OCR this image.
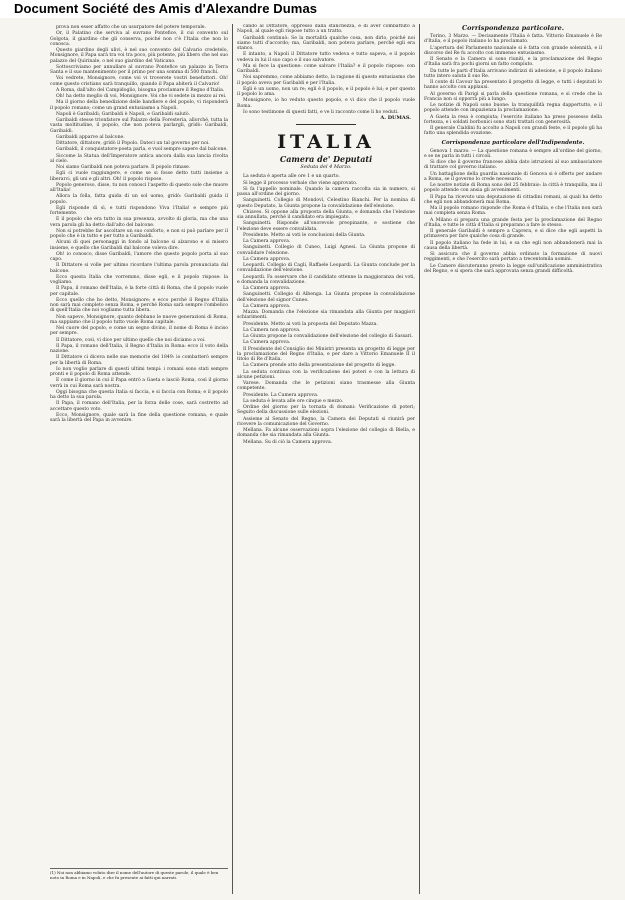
Document Société des Amis d'Alexandre Dumas

prova non esser affatto che un usurpatore del potere temporale.

Or, il Palatino che serviva al suvrano Pontefice, il cui convento sul Golgota, il giardino che gli conserva, poiché non c'è l'Italia che non lo conosca.

Questo giardino degli ulivi, è nel suo convento del Calvario credetelo, Monsignore, il Papa sarà tra voi tra poco, più potente, più libero che nel suo palazzo del Quirinale, o nel suo giardino del Vaticano.

Sottoscriviamo per annullare al suvrano Pontefice un palazzo in Terra Santa e il suo mantenimento per il primo per una somma di 500 franchi.

Voi vedrete, Monsignore, come voi vi troverete vostri benefattori. Oh! come questo cristiano sarà tranquillo, quando il Papa abiterà il Calvario!

A Roma, dall'alto del Campidoglio, bisogna proclamare il Regno d'Italia.

Oh! ha detto meglio di voi, Monsignore. Voi che vi sedete in mezzo ai rei.

Ma il giorno della benedizione delle bandiere e del popolo, vi risponderà il popolo romano; come un grand entusiasmo a Napoli.

Napoli è Garibaldi; Garibaldi è Napoli, e Garibaldi salutò.

Garibaldi stesse trionfatore sul Palazzo della Foresteria, allorché, tutta la vasta moltitudine, il popolo, che non poteva parlargli, gridò: Garibaldi, Garibaldi.

Garibaldi apparve al balcone.

Dittatore, dittatore, gridò il Popolo. Dateci un tal governo per noi.

Garibaldi, il conquistatore-poeta parla, e vuol sempre sapere dal balcone.

Siccome la Statua dell'Imperatore antica ancora dalla sua lancia rivolta al cielo.

Noi siamo Garibaldi non poteva parlare. Il popolo rimase.

Egli ci vuole raggiungere, e come se si fosse detto tutti insieme a liberarci, gli uni e gli altri. Oh! il popolo rispose.

Popolo generoso, disse, tu non conosci l'aspetto di questo sole che muore all'Italia!

Allora la folla, fatta guida di un sol uomo, gridò: Garibaldi guida il popolo.

Egli risponde di sì, e tutti rispondono Viva l'Italia! e sempre più fortemente.

E il popolo che era tutto in sua presenza, avvolto di gloria, ma che una vera parola gli ha detto dall'alto del balcone.

Non si potrebbe far ascoltare un suo conforto, e non si può parlare per il popolo che è in tutto e per tutto a Garibaldi.

Alcuni di quei personaggi in fondo al balcone si alzarono e si misero insieme, e quello che Garibaldi dal balcone voleva dire.

Oh! io conosco, disse Garibaldi, l'amore che questo popolo porta al suo capo.

Il Dittatore si volle per ultimo ricordare l'ultima parola pronunciata dal balcone.

Ecco questa Italia che vorremmo, disse egli, e il popolo rispose: la vogliamo.

Il Papa, il romano dell'Italia, è la forte città di Roma, che il popolo vuole per capitale.

Ecco quello che ho detto, Monsignore; e ecco perché il Regno d'Italia non sarà mai completo senza Roma, e perché Roma sarà sempre l'ombelico di quell'Italia che noi vogliamo tutta libera.

Non sapevo, Monsignore, quanto debbano le nuove generazioni di Roma, ma sappiamo che il popolo tutto vuole Roma capitale.

Nel cuore del popolo, e come un segno divino, il nome di Roma è inciso per sempre.

Il Dittatore, così, vi dice per ultimo quello che noi diciamo a voi.

Il Papa, il romano dell'Italia, il Regno d'Italia in Roma: ecco il voto della nazione.

Il Dittatore ci diceva nelle sue memorie del 1849: io combatterò sempre per la libertà di Roma.

Io non voglio parlare di questi ultimi tempi: i romani sono stati sempre pronti e il popolo di Roma attende.

E come il giorno in cui il Papa entrò a Gaeta e lasciò Roma, così il giorno verrà in cui Roma sarà nostra.

Oggi bisogna che questa Italia si faccia, e si faccia con Roma; e il popolo ha detto la sua parola.

Il Papa, il romano dell'Italia, per la forza delle cose, sarà costretto ad accettare questo voto.

Ecco, Monsignore, quale sarà la fine della questione romana, e quale sarà la libertà del Papa in avvenire.

(1) Noi non abbiamo voluto dire il nome dell'autore di queste parole, il quale è ben noto in Roma e in Napoli, e che fu presente ai fatti qui narrati.

cando al Dittatore, oppresso dalla stanchezza, e di aver combattuto a Napoli, al quale egli rispose tutto a un tratto.

Garibaldi continuò: Se la mortalità qualche cosa, non dirlo, poiché noi siamo tutti d'accordo; ma, Garibaldi, non poteva parlare, perché egli era stanco.

E intanto, a Napoli il Dittatore tutto vedeva e tutto sapeva, e il popolo vedeva in lui il suo capo e il suo salvatore.

Ma si fece la questione: come salvare l'Italia? e il popolo rispose: con Garibaldi.

Noi sapremmo, come abbiamo detto, la ragione di questo entusiasmo che il popolo aveva per Garibaldi e per l'Italia.

Egli è un uomo, non un re; egli è il popolo, e il popolo è lui; e per questo il popolo lo ama.

Monsignore, io ho veduto questo popolo, e vi dico che il popolo vuole Roma.

Io sono testimone di questi fatti, e ve li racconto come li ho veduti.

A. DUMAS.
ITALIA
Camera de' Deputati
Seduta del 4 Marzo.

La seduta è aperta alle ore 1 e un quarto.

Si legge il processo verbale che viene approvato.

Si fa l'appello nominale. Quando la camera raccolta sia in numero, si passa all'ordine del giorno.

Sanguinetti. Collegio di Mondovì, Celestino Bianchi. Per la nomina di questo Deputato, la Giunta propone la convalidazione dell'elezione.

Chiaves. Si oppone alla proposta della Giunta, e domanda che l'elezione sia annullata, perché il candidato era impiegato.

Sanguinetti. Risponde all'onorevole preopinante, e sostiene che l'elezione deve essere convalidata.

Presidente. Metto ai voti le conclusioni della Giunta.

La Camera approva.

Sanguinetti. Collegio di Cuneo, Luigi Agnesi. La Giunta propone di convalidare l'elezione.

La Camera approva.

Leopardi. Collegio di Cagli, Raffaele Leopardi. La Giunta conclude per la convalidazione dell'elezione.

Leopardi. Fa osservare che il candidato ottenne la maggioranza dei voti, e domanda la convalidazione.

La Camera approva.

Sanguinetti. Collegio di Albenga. La Giunta propone la convalidazione dell'elezione del signor Cuneo.

La Camera approva.

Mazza. Domanda che l'elezione sia rimandata alla Giunta per maggiori schiarimenti.

Presidente. Metto ai voti la proposta del Deputato Mazza.

La Camera non approva.

La Giunta propone la convalidazione dell'elezione del collegio di Sassari.

La Camera approva.

Il Presidente del Consiglio dei Ministri presenta un progetto di legge per la proclamazione del Regno d'Italia, e per dare a Vittorio Emanuele II il titolo di Re d'Italia.

La Camera prende atto della presentazione del progetto di legge.

La seduta continua con la verificazione dei poteri e con la lettura di alcune petizioni.

Varese. Domanda che le petizioni siano trasmesse alla Giunta competente.

Presidente. La Camera approva.

La seduta è levata alle ore cinque e mezzo.

Ordine del giorno per la tornata di domani: Verificazione di poteri; Seguito della discussione sulle elezioni.

Assieme al Senato del Regno, la Camera dei Deputati si riunirà per ricevere la comunicazione del Governo.

Mellana. Fa alcune osservazioni sopra l'elezione del collegio di Biella, e domanda che sia rimandata alla Giunta.

Mellana. Su di ciò la Camera approva.

Corrispondenza particolare.

Torino, 3 Marzo. — Decisamente l'Italia è fatta. Vittorio Emanuele è Re d'Italia, e il popolo italiano lo ha proclamato.

L'apertura del Parlamento nazionale si è fatta con grande solennità, e il discorso del Re fu accolto con immenso entusiasmo.

Il Senato e la Camera si sono riuniti, e la proclamazione del Regno d'Italia sarà fra pochi giorni un fatto compiuto.

Da tutte le parti d'Italia arrivano indirizzi di adesione, e il popolo italiano tutto intero saluta il suo Re.

Il conte di Cavour ha presentato il progetto di legge, e tutti i deputati lo hanno accolto con applausi.

Al governo di Parigi si parla della questione romana, e si crede che la Francia non si opporrà più a lungo.

Le notizie di Napoli sono buone: la tranquillità regna dappertutto, e il popolo attende con impazienza la proclamazione.

A Gaeta la resa è compiuta; l'esercito italiano ha preso possesso della fortezza, e i soldati borbonici sono stati trattati con generosità.

Il generale Cialdini fu accolto a Napoli con grandi feste, e il popolo gli ha fatto una splendida ovazione.

Corrispondenza particolare dell'Indipendente.

Genova 1 marzo. — La questione romana è sempre all'ordine del giorno, e se ne parla in tutti i circoli.

Si dice che il governo francese abbia dato istruzioni al suo ambasciatore di trattare col governo italiano.

Un battaglione della guardia nazionale di Genova si è offerto per andare a Roma, se il governo lo crede necessario.

Le nostre notizie di Roma sono del 25 febbraio: la città è tranquilla, ma il popolo attende con ansia gli avvenimenti.

Il Papa ha ricevuto una deputazione di cittadini romani, ai quali ha detto che egli non abbandonerà mai Roma.

Ma il popolo romano risponde che Roma è d'Italia, e che l'Italia non sarà mai completa senza Roma.

A Milano si prepara una grande festa per la proclamazione del Regno d'Italia, e tutte le città d'Italia si preparano a fare lo stesso.

Il generale Garibaldi è sempre a Caprera, e si dice che egli aspetti la primavera per fare qualche cosa di grande.

Il popolo italiano ha fede in lui, e sa che egli non abbandonerà mai la causa della libertà.

Si assicura che il governo abbia ordinato la formazione di nuovi reggimenti, e che l'esercito sarà portato a trecentomila uomini.

Le Camere discuteranno presto la legge sull'unificazione amministrativa del Regno, e si spera che sarà approvata senza grandi difficoltà.
